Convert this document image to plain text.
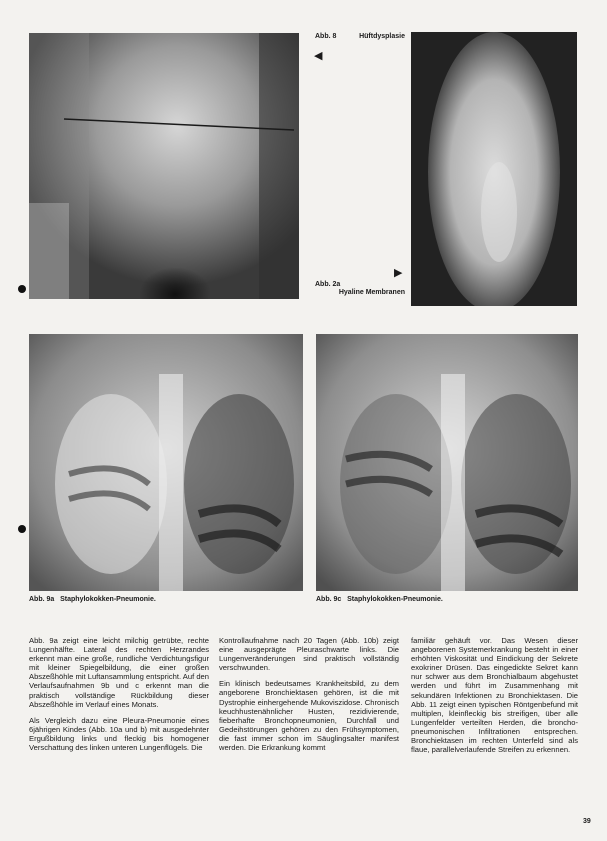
Abb. 8	Hüftdysplasie
◀
▶
Abb. 2a
Hyaline Membranen
Abb. 9a Staphylokokken-Pneumonie.	Abb. 9c Staphylokokken-Pneumonie.

Abb. 9a zeigt eine leicht milchig getrübte, rechte Lungenhälfte. Lateral des rechten Herzrandes erkennt man eine große, rundliche Verdichtungsfigur mit kleiner Spiegelbildung, die einer großen Abszeßhöhle mit Luftansammlung entspricht. Auf den Verlaufsaufnahmen 9b und c erkennt man die praktisch vollständige Rückbildung dieser Abszeßhöhle im Verlauf eines Monats.

Als Vergleich dazu eine Pleura-Pneumonie eines 6jährigen Kindes (Abb. 10a und b) mit ausgedehnter Ergußbildung links und fleckig bis homogener Verschattung des linken unteren Lungenflügels. Die

Kontrollaufnahme nach 20 Tagen (Abb. 10b) zeigt eine ausgeprägte Pleuraschwarte links. Die Lungenveränderungen sind praktisch vollständig verschwunden.

Ein klinisch bedeutsames Krankheitsbild, zu dem angeborene Bronchiektasen gehören, ist die mit Dystrophie einhergehende Mukoviszidose. Chronisch keuchhustenähnlicher Husten, rezidivierende, fieberhafte Bronchopneumonien, Durchfall und Gedeihstörungen gehören zu den Frühsymptomen, die fast immer schon im Säuglingsalter manifest werden. Die Erkrankung kommt

familiär gehäuft vor. Das Wesen dieser angeborenen Systemerkrankung besteht in einer erhöhten Viskosität und Eindickung der Sekrete exokriner Drüsen. Das eingedickte Sekret kann nur schwer aus dem Bronchialbaum abgehustet werden und führt im Zusammenhang mit sekundären Infektionen zu Bronchiektasen. Die Abb. 11 zeigt einen typischen Röntgenbefund mit multiplen, kleinfleckig bis streifigen, über alle Lungenfelder verteilten Herden, die broncho-pneumonischen Infiltrationen entsprechen. Bronchiektasen im rechten Unterfeld sind als flaue, parallelverlaufende Streifen zu erkennen.

39
